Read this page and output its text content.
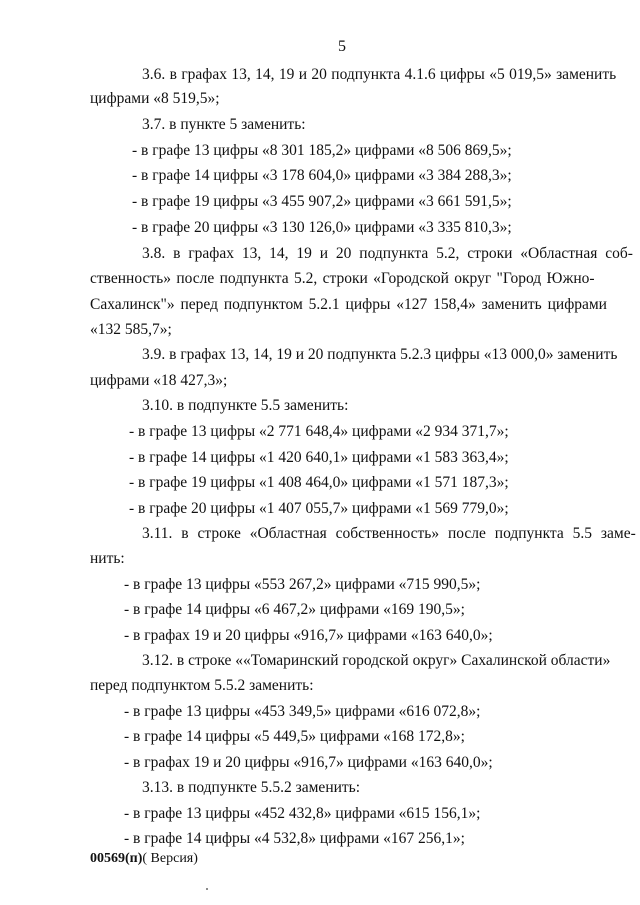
5
3.6. в графах 13, 14, 19 и 20 подпункта 4.1.6 цифры «5 019,5» заменить
цифрами «8 519,5»;
3.7. в пункте 5 заменить:
- в графе 13 цифры «8 301 185,2» цифрами «8 506 869,5»;
- в графе 14 цифры «3 178 604,0» цифрами «3 384 288,3»;
- в графе 19 цифры «3 455 907,2» цифрами «3 661 591,5»;
- в графе 20 цифры «3 130 126,0» цифрами «3 335 810,3»;
3.8. в графах 13, 14, 19 и 20 подпункта 5.2, строки «Областная соб-
ственность» после подпункта 5.2, строки «Городской округ "Город Южно-
Сахалинск"» перед подпунктом 5.2.1 цифры «127 158,4» заменить цифрами
«132 585,7»;
3.9. в графах 13, 14, 19 и 20 подпункта 5.2.3 цифры «13 000,0» заменить
цифрами «18 427,3»;
3.10. в подпункте 5.5 заменить:
- в графе 13 цифры «2 771 648,4» цифрами «2 934 371,7»;
- в графе 14 цифры «1 420 640,1» цифрами «1 583 363,4»;
- в графе 19 цифры «1 408 464,0» цифрами «1 571 187,3»;
- в графе 20 цифры «1 407 055,7» цифрами «1 569 779,0»;
3.11. в строке «Областная собственность» после подпункта 5.5 заме-
нить:
- в графе 13 цифры «553 267,2» цифрами «715 990,5»;
- в графе 14 цифры «6 467,2» цифрами «169 190,5»;
- в графах 19 и 20 цифры «916,7» цифрами «163 640,0»;
3.12. в строке ««Томаринский городской округ» Сахалинской области»
перед подпунктом 5.5.2 заменить:
- в графе 13 цифры «453 349,5» цифрами «616 072,8»;
- в графе 14 цифры «5 449,5» цифрами «168 172,8»;
- в графах 19 и 20 цифры «916,7» цифрами «163 640,0»;
3.13. в подпункте 5.5.2 заменить:
- в графе 13 цифры «452 432,8» цифрами «615 156,1»;
- в графе 14 цифры «4 532,8» цифрами «167 256,1»;
00569(п)( Версия)
